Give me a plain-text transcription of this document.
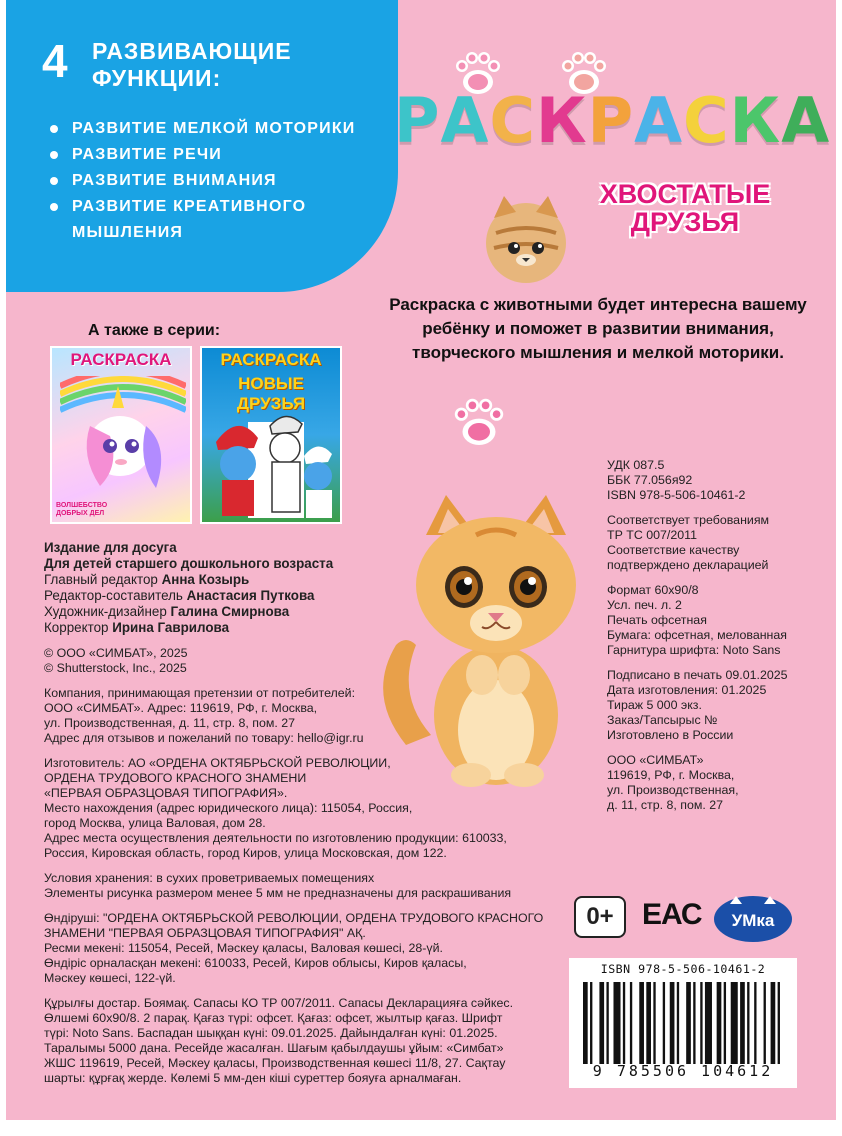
4 РАЗВИВАЮЩИЕ
ФУНКЦИИ:
РАЗВИТИЕ МЕЛКОЙ МОТОРИКИ
РАЗВИТИЕ РЕЧИ
РАЗВИТИЕ ВНИМАНИЯ
РАЗВИТИЕ КРЕАТИВНОГО МЫШЛЕНИЯ
РАСКРАСКА
ХВОСТАТЫЕ
ДРУЗЬЯ
Раскраска с животными будет интересна вашему ребёнку и поможет в развитии внимания, творческого мышления и мелкой моторики.
А также в серии:
РАСКРАСКА
ВОЛШЕБСТВО ДОБРЫХ ДЕЛ
РАСКРАСКА
НОВЫЕ ДРУЗЬЯ
Издание для досуга
Для детей старшего дошкольного возраста
Главный редактор Анна Козырь
Редактор-составитель Анастасия Путкова
Художник-дизайнер Галина Смирнова
Корректор Ирина Гаврилова
© ООО «СИМБАТ», 2025
© Shutterstock, Inc., 2025
Компания, принимающая претензии от потребителей:
ООО «СИМБАТ». Адрес: 119619, РФ, г. Москва,
ул. Производственная, д. 11, стр. 8, пом. 27
Адрес для отзывов и пожеланий по товару: hello@igr.ru
Изготовитель: АО «ОРДЕНА ОКТЯБРЬСКОЙ РЕВОЛЮЦИИ,
ОРДЕНА ТРУДОВОГО КРАСНОГО ЗНАМЕНИ
«ПЕРВАЯ ОБРАЗЦОВАЯ ТИПОГРАФИЯ».
Место нахождения (адрес юридического лица): 115054, Россия,
город Москва, улица Валовая, дом 28.
Адрес места осуществления деятельности по изготовлению продукции: 610033,
Россия, Кировская область, город Киров, улица Московская, дом 122.
Условия хранения: в сухих проветриваемых помещениях
Элементы рисунка размером менее 5 мм не предназначены для раскрашивания
Өндіруші: "ОРДЕНА ОКТЯБРЬСКОЙ РЕВОЛЮЦИИ, ОРДЕНА ТРУДОВОГО КРАСНОГО
ЗНАМЕНИ "ПЕРВАЯ ОБРАЗЦОВАЯ ТИПОГРАФИЯ" АҚ.
Ресми мекені: 115054, Ресей, Мәскеу қаласы, Валовая көшесі, 28-үй.
Өндіріс орналасқан мекені: 610033, Ресей, Киров облысы, Киров қаласы,
Мәскеу көшесі, 122-үй.
Құрылғы достар. Боямақ. Сапасы КО ТР 007/2011. Сапасы Декларацияға сәйкес.
Өлшемі 60x90/8. 2 парақ. Қағаз түрі: офсет. Қағаз: офсет, жылтыр қағаз. Шрифт
түрі: Noto Sans. Баспадан шыққан күні: 09.01.2025. Дайындалған күні: 01.2025.
Таралымы 5000 дана. Ресейде жасалған. Шағым қабылдаушы ұйым: «Симбат»
ЖШС 119619, Ресей, Мәскеу қаласы, Производственная көшесі 11/8, 27. Сақтау
шарты: құрғақ жерде. Көлемі 5 мм-ден кіші суреттер бояуға арналмаған.
УДК 087.5
ББК 77.056я92
ISBN 978-5-506-10461-2
Соответствует требованиям
ТР ТС 007/2011
Соответствие качеству
подтверждено декларацией
Формат 60x90/8
Усл. печ. л. 2
Печать офсетная
Бумага: офсетная, мелованная
Гарнитура шрифта: Noto Sans
Подписано в печать 09.01.2025
Дата изготовления: 01.2025
Тираж 5 000 экз.
Заказ/Тапсырыс №
Изготовлено в России
ООО «СИМБАТ»
119619, РФ, г. Москва,
ул. Производственная,
д. 11, стр. 8, пом. 27
0+ ЕАС УМка
ISBN 978-5-506-10461-2
9 785506 104612
